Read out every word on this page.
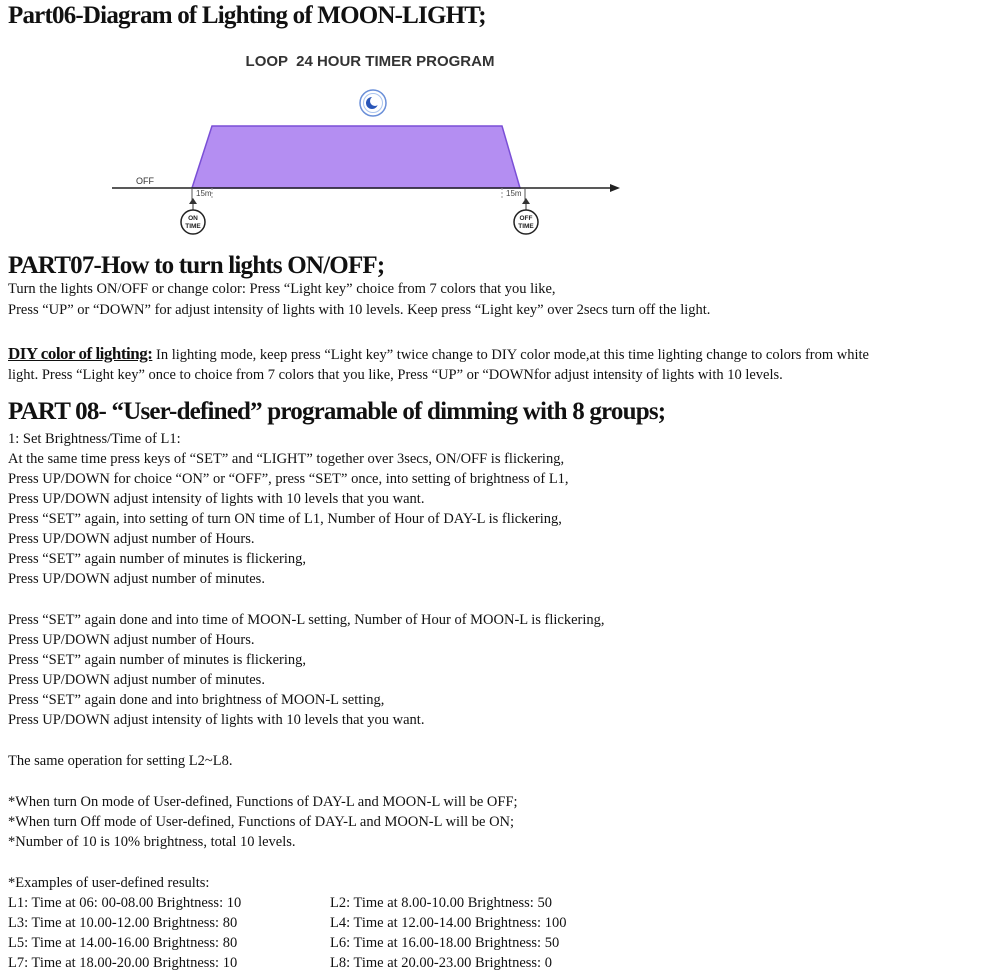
Part06-Diagram of Lighting of MOON-LIGHT;
LOOP  24 HOUR TIMER PROGRAM
OFF
15m	15m
ON
TIME
OFF
TIME
PART07-How to turn lights ON/OFF;

Turn the lights ON/OFF or change color: Press “Light key” choice from 7 colors that you like,

Press “UP” or “DOWN” for adjust intensity of lights with 10 levels. Keep press “Light key” over 2secs turn off the light.

DIY color of lighting: In lighting mode, keep press “Light key” twice change to DIY color mode,at this time lighting change to colors from white

light. Press “Light key” once to choice from 7 colors that you like, Press “UP” or “DOWNfor adjust intensity of lights with 10 levels.

PART 08- “User-defined” programable of dimming with 8 groups;

1: Set Brightness/Time of L1:

At the same time press keys of “SET” and “LIGHT” together over 3secs, ON/OFF is flickering,

Press UP/DOWN for choice “ON” or “OFF”, press “SET” once, into setting of brightness of L1,

Press UP/DOWN adjust intensity of lights with 10 levels that you want.

Press “SET” again, into setting of turn ON time of L1, Number of Hour of DAY-L is flickering,

Press UP/DOWN adjust number of Hours.

Press “SET” again number of minutes is flickering,

Press UP/DOWN adjust number of minutes.

Press “SET” again done and into time of MOON-L setting, Number of Hour of MOON-L is flickering,

Press UP/DOWN adjust number of Hours.

Press “SET” again number of minutes is flickering,

Press UP/DOWN adjust number of minutes.

Press “SET” again done and into brightness of MOON-L setting,

Press UP/DOWN adjust intensity of lights with 10 levels that you want.

The same operation for setting L2~L8.

*When turn On mode of User-defined, Functions of DAY-L and MOON-L will be OFF;

*When turn Off mode of User-defined, Functions of DAY-L and MOON-L will be ON;

*Number of 10 is 10% brightness, total 10 levels.

*Examples of user-defined results:

L1: Time at 06: 00-08.00 Brightness: 10	L2: Time at 8.00-10.00 Brightness: 50
L3: Time at 10.00-12.00 Brightness: 80	L4: Time at 12.00-14.00 Brightness: 100
L5: Time at 14.00-16.00 Brightness: 80	L6: Time at 16.00-18.00 Brightness: 50
L7: Time at 18.00-20.00 Brightness: 10	L8: Time at 20.00-23.00 Brightness: 0
